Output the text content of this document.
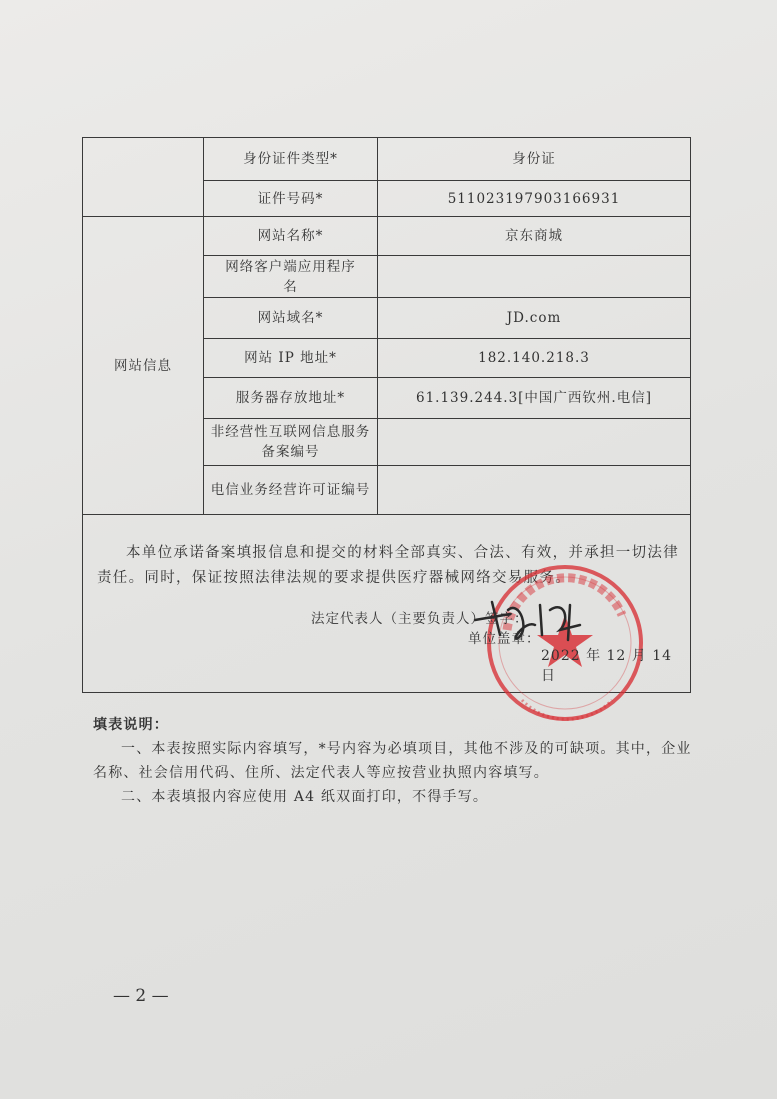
	身份证件类型*	身份证
	证件号码*	511023197903166931
网站信息	网站名称*	京东商城
	网络客户端应用程序名	
	网站域名*	JD.com
	网站 IP 地址*	182.140.218.3
	服务器存放地址*	61.139.244.3[中国广西钦州.电信]
	非经营性互联网信息服务备案编号	
	电信业务经营许可证编号	
本单位承诺备案填报信息和提交的材料全部真实、合法、有效，并承担一切法律责任。同时，保证按照法律法规的要求提供医疗器械网络交易服务。
法定代表人（主要负责人）签字：
单位盖章：
2022 年 12 月 14 日
填表说明：
一、本表按照实际内容填写，*号内容为必填项目，其他不涉及的可缺项。其中，企业名称、社会信用代码、住所、法定代表人等应按营业执照内容填写。
二、本表填报内容应使用 A4 纸双面打印，不得手写。
— 2 —
